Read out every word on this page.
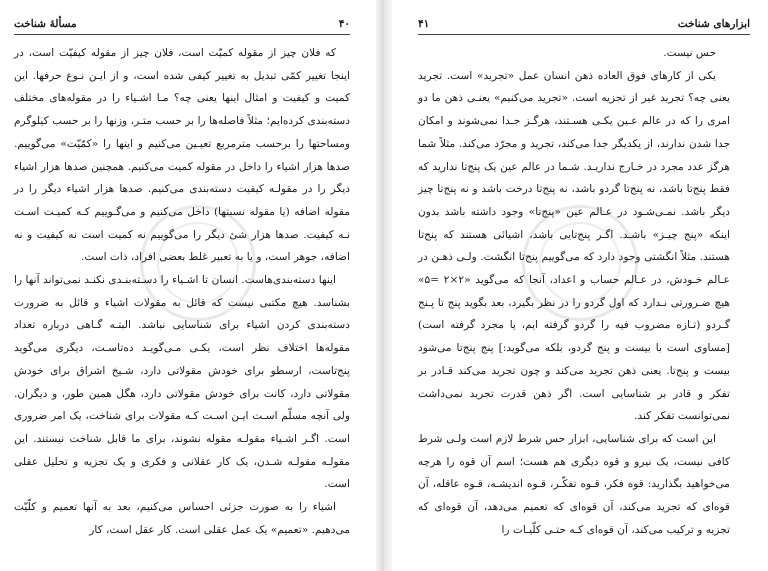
مسألهٔ شناخت	۴۰

که فلان چیز از مقوله کمیّت است، فلان چیز از مقوله کیفیّت است، در اینجا تغییر کمّی تبدیل به تغییر کیفی شده است، و از ایـن نـوع حرفها. این کمیت و کیفیت و امثال اینها یعنی چه؟ مـا اشـیاء را در مقوله‌های مختلف دسته‌بندی کرده‌ایم؛ مثلاً فاصله‌ها را بر حسب متـر، وزنها را بر حسب کیلوگرم ومساحتها را برحسب مترمربع تعیـین می‌کنیم و اینها را «کمّیّت» می‌گوییم. صدها هزار اشیاء را داخل در مقوله کمیت می‌کنیم. همچنین صدها هزار اشیاء دیگر را در مقولـه کیفیت دسته‌بندی می‌کنیم. صدها هزار اشیاء دیگر را در مقوله اضافه (یا مقوله نسبتها) داخل می‌کنیم و می‌گـوییم کـه کمیـت اسـت نـه کیفیت. صدها هزار شئ دیگر را می‌گوییم نه کمیت است نه کیفیت و نه اضافه، جوهر است، و یا به تعبیر غلط بعضی افراد، ذات است.

اینها دسته‌بندی‌هاست. انسان تا اشـیاء را دسـته‌بنـدی نکنـد نمی‌تواند آنها را بشناسد. هیچ مکتبی نیست که قائل به مقولات اشیاء و قائل به ضرورت دسته‌بندی کردن اشیاء برای شناسایی نباشد. البتـه گـاهی درباره تعداد مقوله‌ها اختلاف نظر است، یکـی مـی‌گویـد ده‌تاسـت، دیگری می‌گوید پنج‌تاست، ارسطو برای خودش مقولاتی دارد، شـیخ اشراق برای خودش مقولاتی دارد، کانت برای خودش مقولاتی دارد، هگل همین طور، و دیگران. ولی آنچه مسلّم اسـت ایـن اسـت کـه مقولات برای شناخت، یک امر ضروری است. اگـر اشـیاء مقولـه مقوله نشوند، برای ما قابل شناخت نیستند. این مقولـه مقولـه شـدن، یک کار عقلانی و فکری و یک تجزیه و تحلیل عقلی است.

اشیاء را به صورت جزئی احساس می‌کنیم، بعد به آنها تعمیم و کلّیّت می‌دهیم. «تعمیم» یک عمل عقلی است. کار عقل است، کار

ابزارهای شناخت
۴۱

حس نیست.

یکی از کارهای فوق العاده ذهن انسان عمل «تجرید» است. تجرید یعنی چه؟ تجرید غیر از تجزیه است. «تجرید می‌کنیم» یعنـی ذهن ما دو امری را که در عالم عـین یکـی هسـتند، هرگـز جـدا نمی‌شوند و امکان جدا شدن ندارند، از یکدیگر جدا می‌کند، تجرید و مجرّد می‌کند. مثلاً شما هرگز عدد مجرد در خـارج نداریـد. شـما در عالم عین یک پنج‌تا ندارید که فقط پنج‌تا باشد، نه پنج‌تا گردو باشد، نه پنج‌تا درخت باشد و نه پنج‌تا چیز دیگر باشد. نمـی‌شـود در عـالم عین «پنج‌تا» وجود داشته باشد بدون اینکه «پنج چیـز» باشـد. اگـر پنج‌تایی باشد، اشیائی هستند که پنج‌تا هستند. مثلاً انگشتی وجود دارد که می‌گوییم پنج‌تا انگشت. ولـی ذهـن در عـالم خـودش، در عـالم حساب و اعداد، آنجا که می‌گوید «۲×۲ =۵» هیچ ضـرورتی نـدارد که اول گردو را در نظر بگیرد، بعد بگوید پنج تا پـنج گـردو (تـازه مضروب فیه را گردو گرفته ایم، یا مجرد گرفته است) [مساوی است با بیست و پنج گردو، بلکه می‌گوید:] پنج پنج‌تا می‌شود بیست و پنج‌تا. یعنی ذهن تجرید می‌کند و چون تجرید می‌کند قـادر بر تفکر و قادر بر شناسایی است. اگر ذهن قدرت تجرید نمی‌داشت نمی‌توانست تفکر کند.

این است که برای شناسایی، ابزار حس شرط لازم است ولـی شرط کافی نیست، یک نیرو و قوه دیگری هم هست؛ اسم آن قوه را هرچه می‌خواهید بگذارید: قوه فکر، قـوه تفکّـر، قـوه اندیشـه، قـوه عاقله، آن قوه‌ای که تجرید می‌کند، آن قوه‌ای که تعمیم می‌دهد، آن قوه‌ای که تجزیه و ترکیب می‌کند، آن قوه‌ای کـه حتـی کلّیـات را
